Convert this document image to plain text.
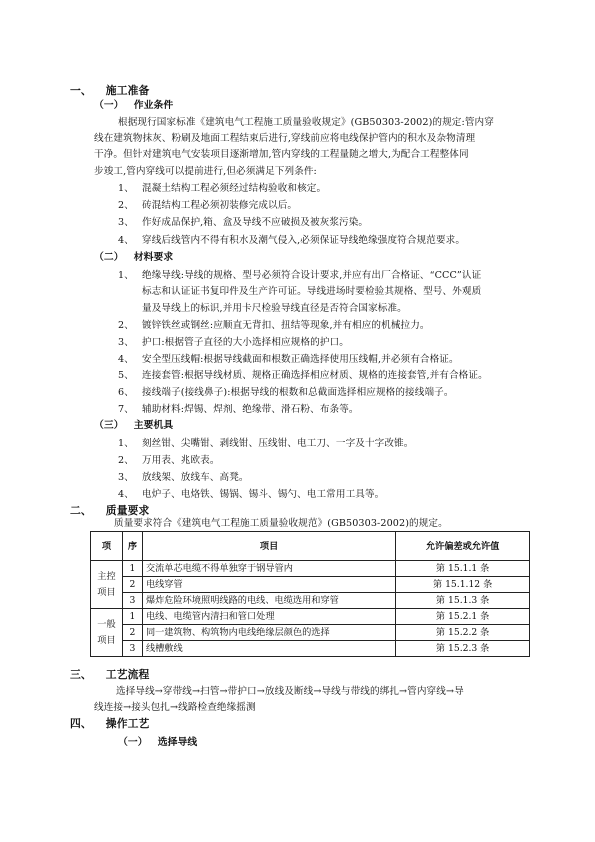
一、 施工准备
（一） 作业条件
根据现行国家标准《建筑电气工程施工质量验收规定》(GB50303-2002)的规定:管内穿
线在建筑物抹灰、粉刷及地面工程结束后进行,穿线前应将电线保护管内的积水及杂物清理
干净。但针对建筑电气安装项目逐渐增加,管内穿线的工程量随之增大,为配合工程整体同
步竣工,管内穿线可以提前进行,但必须满足下列条件:
1、 混凝土结构工程必须经过结构验收和核定。
2、 砖混结构工程必须初装修完成以后。
3、 作好成品保护,箱、盒及导线不应破损及被灰浆污染。
4、 穿线后线管内不得有积水及潮气侵入,必须保证导线绝缘强度符合规范要求。
（二） 材料要求
1、 绝缘导线:导线的规格、型号必须符合设计要求,并应有出厂合格证、“CCC”认证
标志和认证证书复印件及生产许可证。导线进场时要检验其规格、型号、外观质
量及导线上的标识,并用卡尺检验导线直径是否符合国家标准。
2、 镀锌铁丝或钢丝:应顺直无背扣、扭结等现象,并有相应的机械拉力。
3、 护口:根据管子直径的大小选择相应规格的护口。
4、 安全型压线帽:根据导线截面和根数正确选择使用压线帽,并必须有合格证。
5、 连接套管:根据导线材质、规格正确选择相应材质、规格的连接套管,并有合格证。
6、 接线端子(接线鼻子):根据导线的根数和总截面选择相应规格的接线端子。
7、 辅助材料:焊锡、焊剂、绝缘带、滑石粉、布条等。
（三） 主要机具
1、 刻丝钳、尖嘴钳、剥线钳、压线钳、电工刀、一字及十字改锥。
2、 万用表、兆欧表。
3、 放线架、放线车、高凳。
4、 电炉子、电烙铁、锡锅、锡斗、锡勺、电工常用工具等。
二、 质量要求
质量要求符合《建筑电气工程施工质量验收规范》(GB50303-2002)的规定。
项	序	项目	允许偏差或允许值
主控项目	1	交流单芯电缆不得单独穿于钢导管内	第 15.1.1 条
	2	电线穿管	第 15.1.12 条
	3	爆炸危险环境照明线路的电线、电缆选用和穿管	第 15.1.3 条
一般项目	1	电线、电缆管内清扫和管口处理	第 15.2.1 条
	2	同一建筑物、构筑物内电线绝缘层颜色的选择	第 15.2.2 条
	3	线槽敷线	第 15.2.3 条
三、 工艺流程
选择导线→穿带线→扫管→带护口→放线及断线→导线与带线的绑扎→管内穿线→导
线连接→接头包扎→线路检查绝缘摇测
四、 操作工艺
（一） 选择导线
